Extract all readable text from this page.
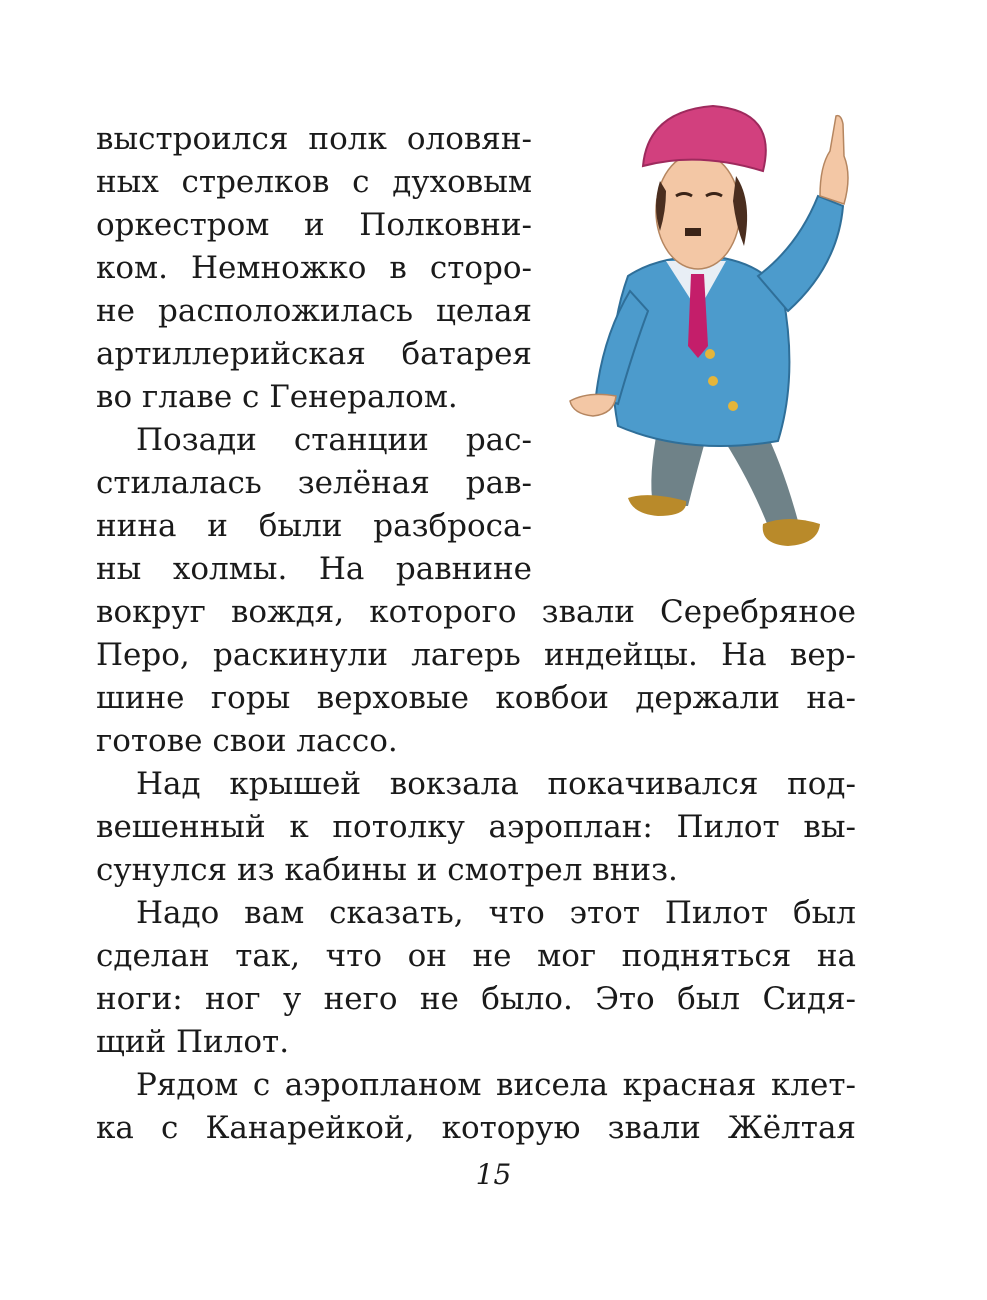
выстроился полк оловян-
ных стрелков с духовым
оркестром и Полковни-
ком. Немножко в сторо-
не расположилась целая
артиллерийская батарея
во главе с Генералом.
Позади станции рас-
стилалась зелёная рав-
нина и были разброса-
ны холмы. На равнине
вокруг вождя, которого звали Серебряное
Перо, раскинули лагерь индейцы. На вер-
шине горы верховые ковбои держали на-
готове свои лассо.
Над крышей вокзала покачивался под-
вешенный к потолку аэроплан: Пилот вы-
сунулся из кабины и смотрел вниз.
Надо вам сказать, что этот Пилот был
сделан так, что он не мог подняться на
ноги: ног у него не было. Это был Сидя-
щий Пилот.
Рядом с аэропланом висела красная клет-
ка с Канарейкой, которую звали Жёлтая
15
